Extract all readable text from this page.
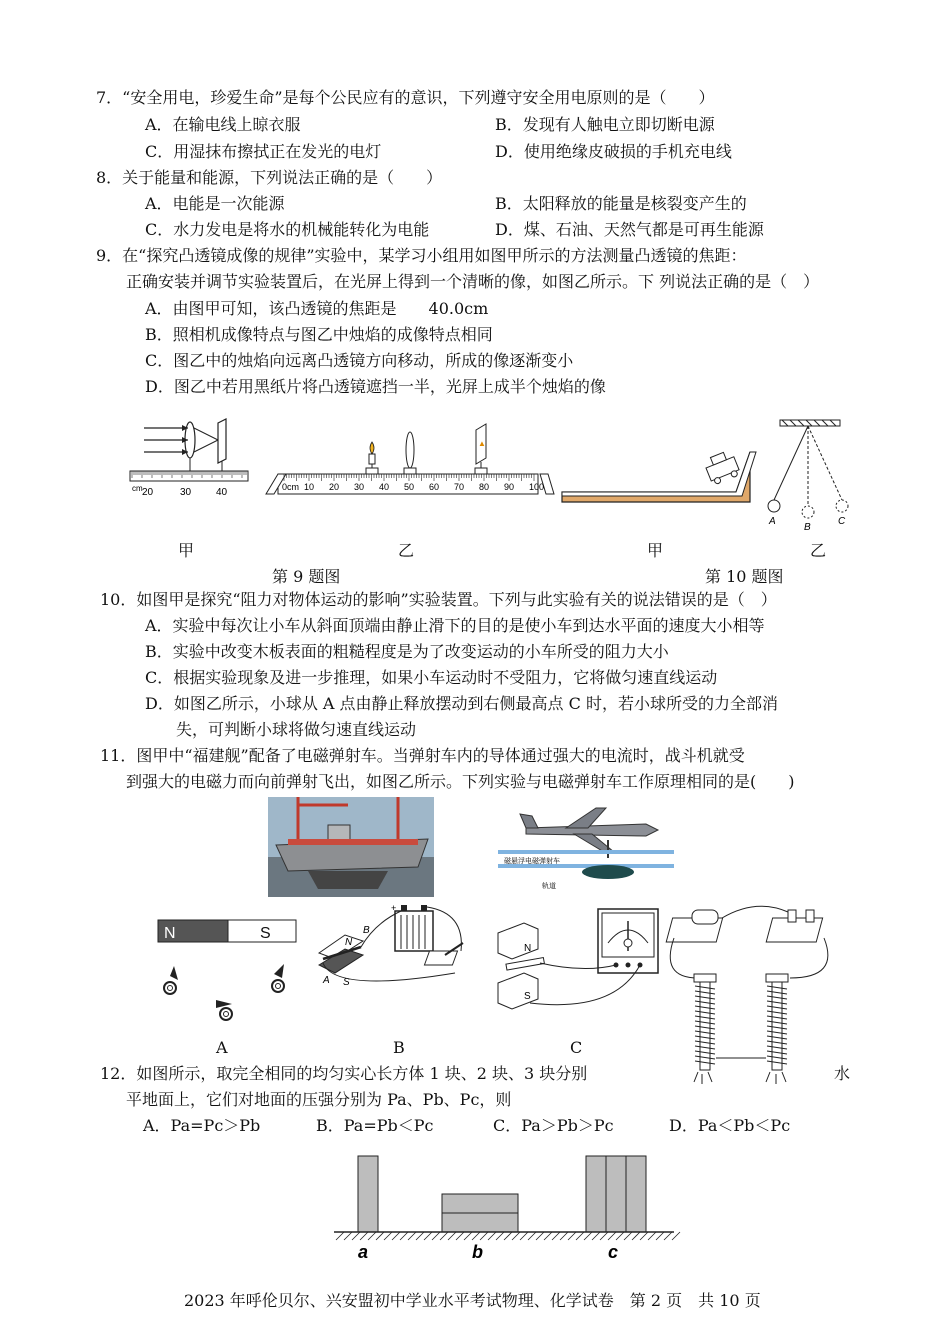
7．“安全用电，珍爱生命”是每个公民应有的意识，下列遵守安全用电原则的是（　　）
A．在输电线上晾衣服	B．发现有人触电立即切断电源
C．用湿抹布擦拭正在发光的电灯	D．使用绝缘皮破损的手机充电线
8．关于能量和能源，下列说法正确的是（　　）
A．电能是一次能源	B．太阳释放的能量是核裂变产生的
C．水力发电是将水的机械能转化为电能	D．煤、石油、天然气都是可再生能源
9．在“探究凸透镜成像的规律”实验中，某学习小组用如图甲所示的方法测量凸透镜的焦距：
正确安装并调节实验装置后，在光屏上得到一个清晰的像，如图乙所示。下 列说法正确的是（　）
A．由图甲可知，该凸透镜的焦距是　　40.0cm
B．照相机成像特点与图乙中烛焰的成像特点相同
C．图乙中的烛焰向远离凸透镜方向移动，所成的像逐渐变小
D．图乙中若用黑纸片将凸透镜遮挡一半，光屏上成半个烛焰的像
cm 20	30 40
▲
0cm 10 20 30 40 50 60 70 80 90 100
A
B
C
甲	乙	甲	乙
第 9 题图	第 10 题图
10．如图甲是探究“阻力对物体运动的影响”实验装置。下列与此实验有关的说法错误的是（　）
A．实验中每次让小车从斜面顶端由静止滑下的目的是使小车到达水平面的速度大小相等
B．实验中改变木板表面的粗糙程度是为了改变运动的小车所受的阻力大小
C．根据实验现象及进一步推理，如果小车运动时不受阻力，它将做匀速直线运动
D．如图乙所示，小球从 A 点由静止释放摆动到右侧最高点 C 时，若小球所受的力全部消
失，可判断小球将做匀速直线运动
11．图甲中“福建舰”配备了电磁弹射车。当弹射车内的导体通过强大的电流时，战斗机就受
到强大的电磁力而向前弹射飞出，如图乙所示。下列实验与电磁弹射车工作原理相同的是(　　)
磁悬浮电磁弹射车
轨道
N	S
+
N
S
B
A
N
S
A	B	C
12．如图所示，取完全相同的均匀实心长方体 1 块、2 块、3 块分别	水
平地面上，它们对地面的压强分别为 Pa、Pb、Pc，则
A．Pa=Pc＞Pb	B．Pa=Pb＜Pc	C．Pa＞Pb＞Pc	D．Pa＜Pb＜Pc
a	b	c
2023 年呼伦贝尔、兴安盟初中学业水平考试物理、化学试卷　第 2 页　共 10 页
